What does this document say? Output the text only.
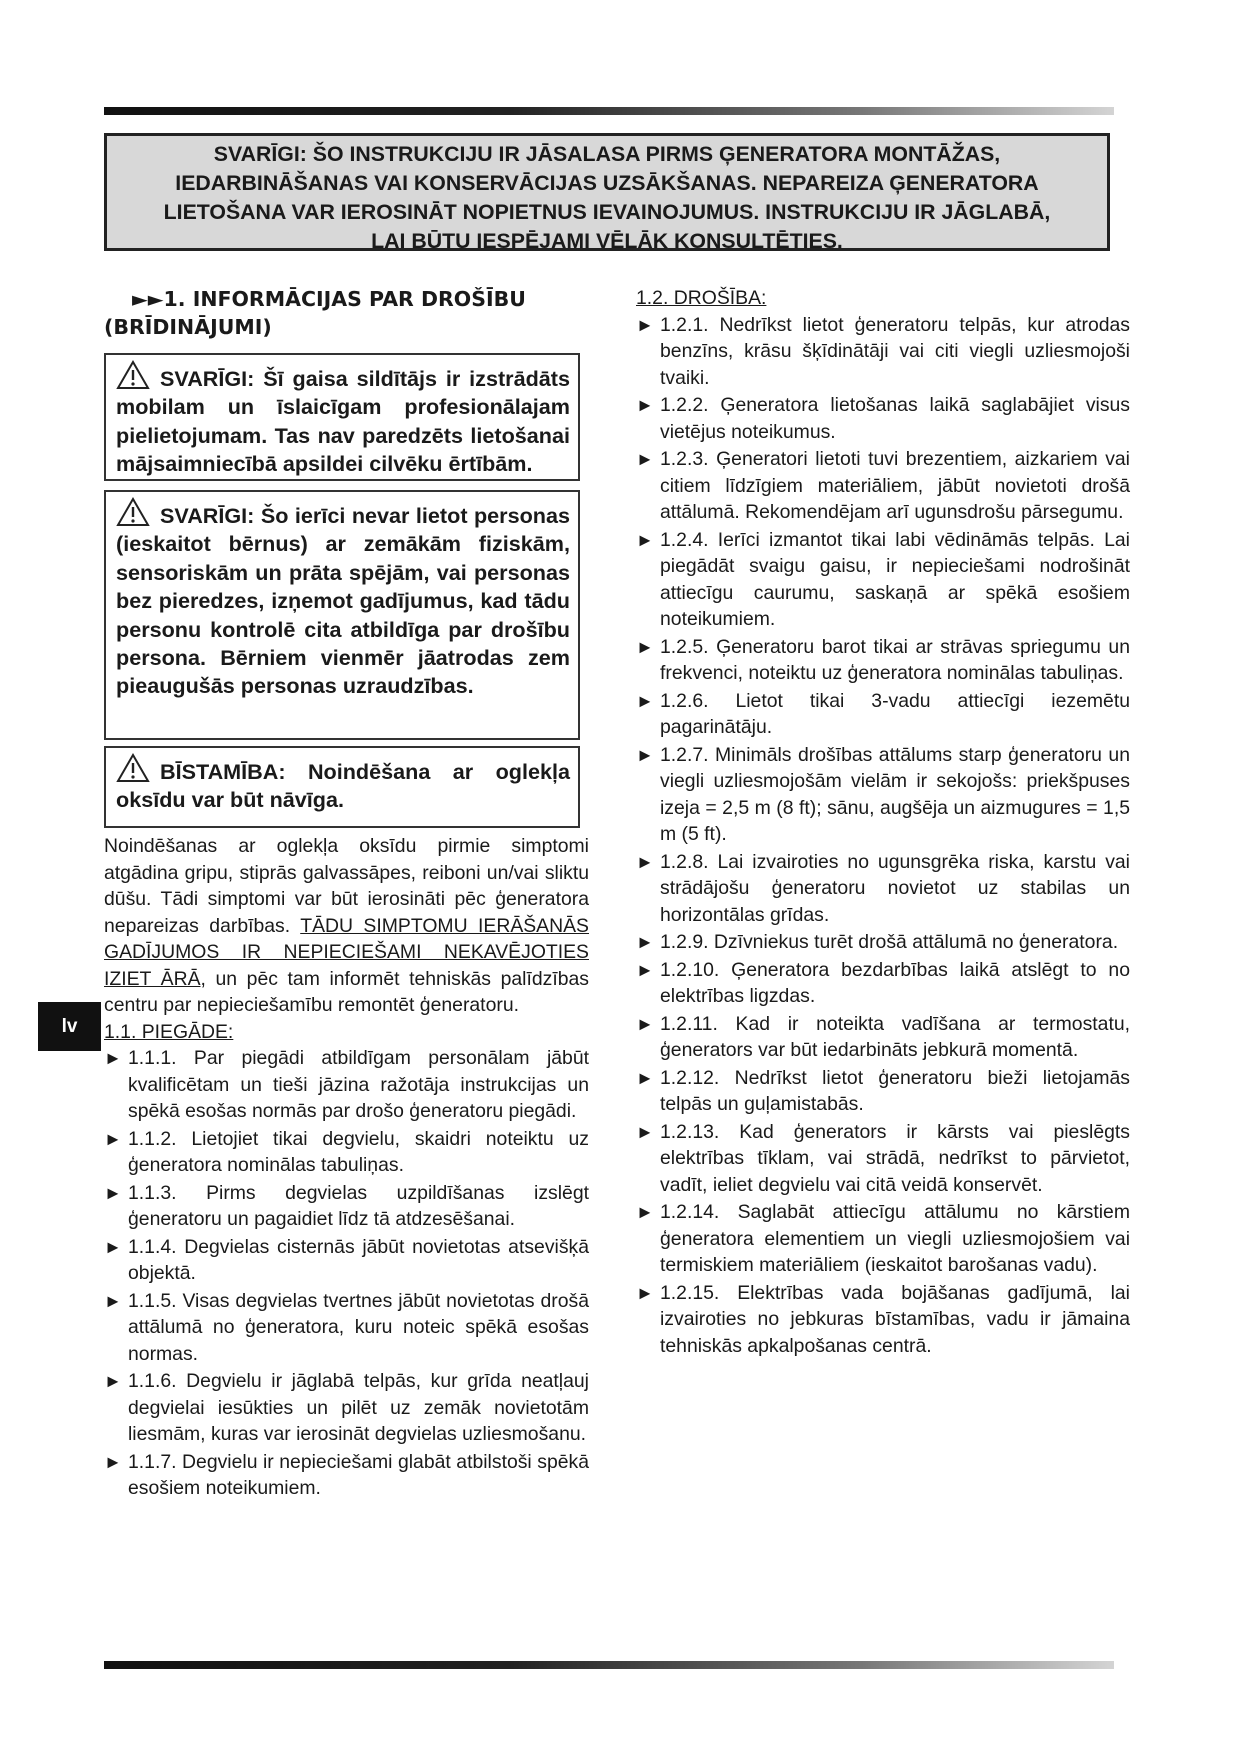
SVARĪGI: ŠO INSTRUKCIJU IR JĀSALASA PIRMS ĢENERATORA MONTĀŽAS,
IEDARBINĀŠANAS VAI KONSERVĀCIJAS UZSĀKŠANAS. NEPAREIZA ĢENERATORA
LIETOŠANA VAR IEROSINĀT NOPIETNUS IEVAINOJUMUS. INSTRUKCIJU IR JĀGLABĀ,
LAI BŪTU IESPĒJAMI VĒLĀK KONSULTĒTIES.
lv

►►1. INFORMĀCIJAS PAR DROŠĪBU
(BRĪDINĀJUMI)

SVARĪGI: Šī gaisa sildītājs ir izstrādāts mobilam un īslaicīgam profesionālajam pielietojumam. Tas nav paredzēts lietošanai mājsaimniecībā apsildei cilvēku ērtībām.
SVARĪGI: Šo ierīci nevar lietot personas (ieskaitot bērnus) ar zemākām fiziskām, sensoriskām un prāta spējām, vai personas bez pieredzes, izņemot gadījumus, kad tādu personu kontrolē cita atbildīga par drošību persona. Bērniem vienmēr jāatrodas zem pieaugušās personas uzraudzības.
BĪSTAMĪBA: Noindēšana ar oglekļa oksīdu var būt nāvīga.

Noindēšanas ar oglekļa oksīdu pirmie simptomi atgādina gripu, stiprās galvassāpes, reiboni un/vai sliktu dūšu. Tādi simptomi var būt ierosināti pēc ģeneratora nepareizas darbības. TĀDU SIMPTOMU IERĀŠANĀS GADĪJUMOS IR NEPIECIEŠAMI NEKAVĒJOTIES IZIET ĀRĀ, un pēc tam informēt tehniskās palīdzības centru par nepieciešamību remontēt ģeneratoru.

1.1. PIEGĀDE:

► 1.1.1. Par piegādi atbildīgam personālam jābūt kvalificētam un tieši jāzina ražotāja instrukcijas un spēkā esošas normās par drošo ģeneratoru piegādi.

► 1.1.2. Lietojiet tikai degvielu, skaidri noteiktu uz ģeneratora nominālas tabuliņas.

► 1.1.3. Pirms degvielas uzpildīšanas izslēgt ģeneratoru un pagaidiet līdz tā atdzesēšanai.

► 1.1.4. Degvielas cisternās jābūt novietotas atsevišķā objektā.

► 1.1.5. Visas degvielas tvertnes jābūt novietotas drošā attālumā no ģeneratora, kuru noteic spēkā esošas normas.

► 1.1.6. Degvielu ir jāglabā telpās, kur grīda neatļauj degvielai iesūkties un pilēt uz zemāk novietotām liesmām, kuras var ierosināt degvielas uzliesmošanu.

► 1.1.7. Degvielu ir nepieciešami glabāt atbilstoši spēkā esošiem noteikumiem.

1.2. DROŠĪBA:

► 1.2.1. Nedrīkst lietot ģeneratoru telpās, kur atrodas benzīns, krāsu šķīdinātāji vai citi viegli uzliesmojoši tvaiki.

► 1.2.2. Ģeneratora lietošanas laikā saglabājiet visus vietējus noteikumus.

► 1.2.3. Ģeneratori lietoti tuvi brezentiem, aizkariem vai citiem līdzīgiem materiāliem, jābūt novietoti drošā attālumā. Rekomendējam arī ugunsdrošu pārsegumu.

► 1.2.4. Ierīci izmantot tikai labi vēdināmās telpās. Lai piegādāt svaigu gaisu, ir nepieciešami nodrošināt attiecīgu caurumu, saskaņā ar spēkā esošiem noteikumiem.

► 1.2.5. Ģeneratoru barot tikai ar strāvas spriegumu un frekvenci, noteiktu uz ģeneratora nominālas tabuliņas.

► 1.2.6. Lietot tikai 3-vadu attiecīgi iezemētu pagarinātāju.

► 1.2.7. Minimāls drošības attālums starp ģeneratoru un viegli uzliesmojošām vielām ir sekojošs: priekšpuses izeja = 2,5 m (8 ft); sānu, augšēja un aizmugures = 1,5 m (5 ft).

► 1.2.8. Lai izvairoties no ugunsgrēka riska, karstu vai strādājošu ģeneratoru novietot uz stabilas un horizontālas grīdas.

► 1.2.9. Dzīvniekus turēt drošā attālumā no ģeneratora.

► 1.2.10. Ģeneratora bezdarbības laikā atslēgt to no elektrības ligzdas.

► 1.2.11. Kad ir noteikta vadīšana ar termostatu, ģenerators var būt iedarbināts jebkurā momentā.

► 1.2.12. Nedrīkst lietot ģeneratoru bieži lietojamās telpās un guļamistabās.

► 1.2.13. Kad ģenerators ir kārsts vai pieslēgts elektrības tīklam, vai strādā, nedrīkst to pārvietot, vadīt, ieliet degvielu vai citā veidā konservēt.

► 1.2.14. Saglabāt attiecīgu attālumu no kārstiem ģeneratora elementiem un viegli uzliesmojošiem vai termiskiem materiāliem (ieskaitot barošanas vadu).

► 1.2.15. Elektrības vada bojāšanas gadījumā, lai izvairoties no jebkuras bīstamības, vadu ir jāmaina tehniskās apkalpošanas centrā.
